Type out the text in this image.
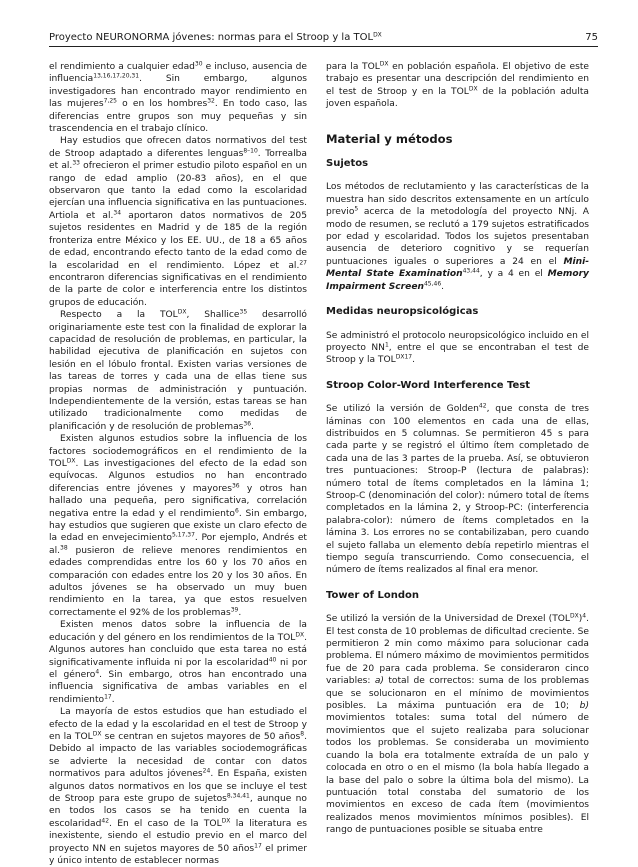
Proyecto NEURONORMA jóvenes: normas para el Stroop y la $TOL^{DX}$	75

el rendimiento a cualquier edad$^{30}$ e incluso, ausencia de influencia$^{13,16,17,20,31}$. Sin embargo, algunos investigadores han encontrado mayor rendimiento en las mujeres$^{7,25}$ o en los hombres$^{32}$. En todo caso, las diferencias entre grupos son muy pequeñas y sin trascendencia en el trabajo clínico.

Hay estudios que ofrecen datos normativos del test de Stroop adaptado a diferentes lenguas$^{8-10}$. Torrealba et al.$^{33}$ ofrecieron el primer estudio piloto español en un rango de edad amplio (20-83 años), en el que observaron que tanto la edad como la escolaridad ejercían una influencia significativa en las puntuaciones. Artiola et al.$^{34}$ aportaron datos normativos de 205 sujetos residentes en Madrid y de 185 de la región fronteriza entre México y los EE. UU., de 18 a 65 años de edad, encontrando efecto tanto de la edad como de la escolaridad en el rendimiento. López et al.$^{27}$ encontraron diferencias significativas en el rendimiento de la parte de color e interferencia entre los distintos grupos de educación.

Respecto a la $TOL^{DX}$, Shallice$^{35}$ desarrolló originariamente este test con la finalidad de explorar la capacidad de resolución de problemas, en particular, la habilidad ejecutiva de planificación en sujetos con lesión en el lóbulo frontal. Existen varias versiones de las tareas de torres y cada una de ellas tiene sus propias normas de administración y puntuación. Independientemente de la versión, estas tareas se han utilizado tradicionalmente como medidas de planificación y de resolución de problemas$^{36}$.

Existen algunos estudios sobre la influencia de los factores sociodemográficos en el rendimiento de la $TOL^{DX}$. Las investigaciones del efecto de la edad son equívocas. Algunos estudios no han encontrado diferencias entre jóvenes y mayores$^{36}$ y otros han hallado una pequeña, pero significativa, correlación negativa entre la edad y el rendimiento$^6$. Sin embargo, hay estudios que sugieren que existe un claro efecto de la edad en envejecimiento$^{5,17,37}$. Por ejemplo, Andrés et al.$^{38}$ pusieron de relieve menores rendimientos en edades comprendidas entre los 60 y los 70 años en comparación con edades entre los 20 y los 30 años. En adultos jóvenes se ha observado un muy buen rendimiento en la tarea, ya que estos resuelven correctamente el 92% de los problemas$^{39}$.

Existen menos datos sobre la influencia de la educación y del género en los rendimientos de la $TOL^{DX}$. Algunos autores han concluido que esta tarea no está significativamente influida ni por la escolaridad$^{40}$ ni por el género$^4$. Sin embargo, otros han encontrado una influencia significativa de ambas variables en el rendimiento$^{17}$.

La mayoría de estos estudios que han estudiado el efecto de la edad y la escolaridad en el test de Stroop y en la $TOL^{DX}$ se centran en sujetos mayores de 50 años$^8$. Debido al impacto de las variables sociodemográficas se advierte la necesidad de contar con datos normativos para adultos jóvenes$^{24}$. En España, existen algunos datos normativos en los que se incluye el test de Stroop para este grupo de sujetos$^{8,34,41}$, aunque no en todos los casos se ha tenido en cuenta la escolaridad$^{42}$. En el caso de la $TOL^{DX}$ la literatura es inexistente, siendo el estudio previo en el marco del proyecto NN en sujetos mayores de 50 años$^{17}$ el primer y único intento de establecer normas

para la $TOL^{DX}$ en población española. El objetivo de este trabajo es presentar una descripción del rendimiento en el test de Stroop y en la $TOL^{DX}$ de la población adulta joven española.

Material y métodos
Sujetos

Los métodos de reclutamiento y las características de la muestra han sido descritos extensamente en un artículo previo$^5$ acerca de la metodología del proyecto NNj. A modo de resumen, se reclutó a 179 sujetos estratificados por edad y escolaridad. Todos los sujetos presentaban ausencia de deterioro cognitivo y se requerían puntuaciones iguales o superiores a 24 en el Mini-Mental State Examination$^{43,44}$, y a 4 en el Memory Impairment Screen$^{45,46}$.

Medidas neuropsicológicas

Se administró el protocolo neuropsicológico incluido en el proyecto $NN^1$, entre el que se encontraban el test de Stroop y la $TOL^{DX17}$.

Stroop Color-Word Interference Test

Se utilizó la versión de Golden$^{42}$, que consta de tres láminas con 100 elementos en cada una de ellas, distribuidos en 5 columnas. Se permitieron 45 s para cada parte y se registró el último ítem completado de cada una de las 3 partes de la prueba. Así, se obtuvieron tres puntuaciones: Stroop-P (lectura de palabras): número total de ítems completados en la lámina 1; Stroop-C (denominación del color): número total de ítems completados en la lámina 2, y Stroop-PC: (interferencia palabra-color): número de ítems completados en la lámina 3. Los errores no se contabilizaban, pero cuando el sujeto fallaba un elemento debía repetirlo mientras el tiempo seguía transcurriendo. Como consecuencia, el número de ítems realizados al final era menor.

Tower of London

Se utilizó la versión de la Universidad de Drexel $(TOL^{DX})^4$. El test consta de 10 problemas de dificultad creciente. Se permitieron 2 min como máximo para solucionar cada problema. El número máximo de movimientos permitidos fue de 20 para cada problema. Se consideraron cinco variables: a) total de correctos: suma de los problemas que se solucionaron en el mínimo de movimientos posibles. La máxima puntuación era de 10; b) movimientos totales: suma total del número de movimientos que el sujeto realizaba para solucionar todos los problemas. Se consideraba un movimiento cuando la bola era totalmente extraída de un palo y colocada en otro o en el mismo (la bola había llegado a la base del palo o sobre la última bola del mismo). La puntuación total constaba del sumatorio de los movimientos en exceso de cada ítem (movimientos realizados menos movimientos mínimos posibles). El rango de puntuaciones posible se situaba entre
